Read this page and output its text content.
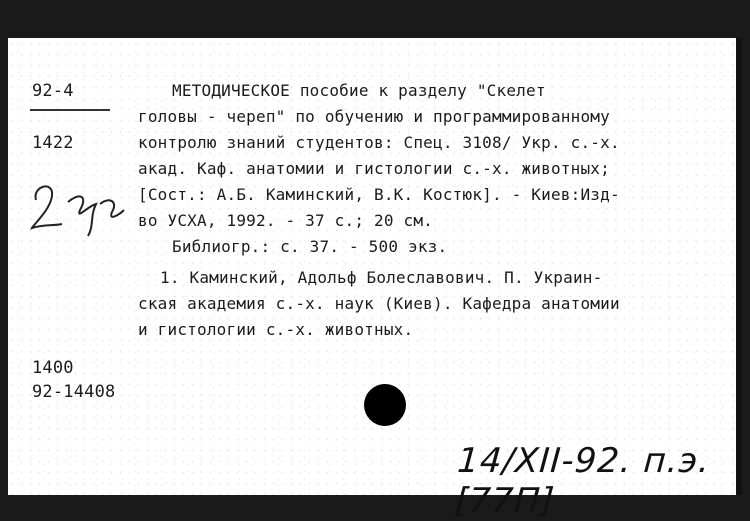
92-4
1422
МЕТОДИЧЕСКОЕ пособие к разделу "Скелет
головы - череп" по обучению и программированному
контролю знаний студентов: Спец. 3108/ Укр. с.-х.
акад. Каф. анатомии и гистологии с.-х. животных;
[Сост.: А.Б. Каминский, В.К. Костюк]. - Киев:Изд-
во УСХА, 1992. - 37 с.; 20 см.
Библиогр.: с. 37. - 500 экз.
1. Каминский, Адольф Болеславович. П. Украин-
ская академия с.-х. наук (Киев). Кафедра анатомии
и гистологии с.-х. животных.
1400
92-14408
14/XII-92. п.э.[77П]
